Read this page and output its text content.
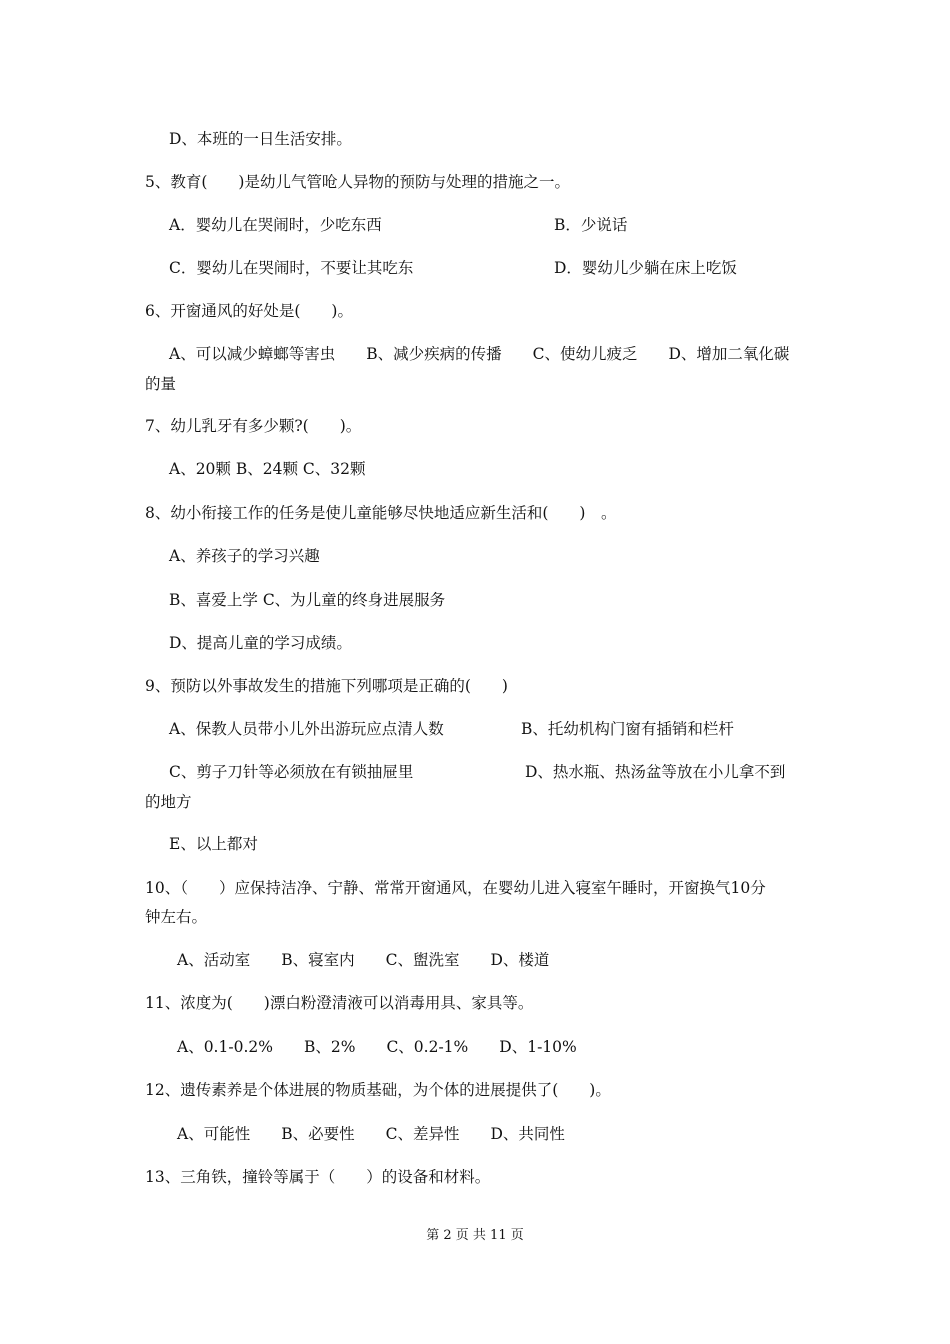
D、本班的一日生活安排。
5、教育(　　)是幼儿气管呛人异物的预防与处理的措施之一。
A．婴幼儿在哭闹时，少吃东西	B．少说话
C．婴幼儿在哭闹时，不要让其吃东	D．婴幼儿少躺在床上吃饭
6、开窗通风的好处是(　　)。
A、可以减少蟑螂等害虫　　B、减少疾病的传播　　C、使幼儿疲乏　　D、增加二氧化碳
的量
7、幼儿乳牙有多少颗?(　　)。
A、20颗 B、24颗 C、32颗
8、幼小衔接工作的任务是使儿童能够尽快地适应新生活和(　　)　。
A、养孩子的学习兴趣
B、喜爱上学 C、为儿童的终身进展服务
D、提高儿童的学习成绩。
9、预防以外事故发生的措施下列哪项是正确的(　　)
A、保教人员带小儿外出游玩应点清人数	B、托幼机构门窗有插销和栏杆
C、剪子刀针等必须放在有锁抽屉里	D、热水瓶、热汤盆等放在小儿拿不到
的地方
E、以上都对
10、（　　）应保持洁净、宁静、常常开窗通风，在婴幼儿进入寝室午睡时，开窗换气10分
钟左右。
A、活动室　　B、寝室内　　C、盥洗室　　D、楼道
11、浓度为(　　)漂白粉澄清液可以消毒用具、家具等。
A、0.1-0.2%　　B、2%　　C、0.2-1%　　D、1-10%
12、遗传素养是个体进展的物质基础，为个体的进展提供了(　　)。
A、可能性　　B、必要性　　C、差异性　　D、共同性
13、三角铁，撞铃等属于（　　）的设备和材料。
第 2 页 共 11 页
